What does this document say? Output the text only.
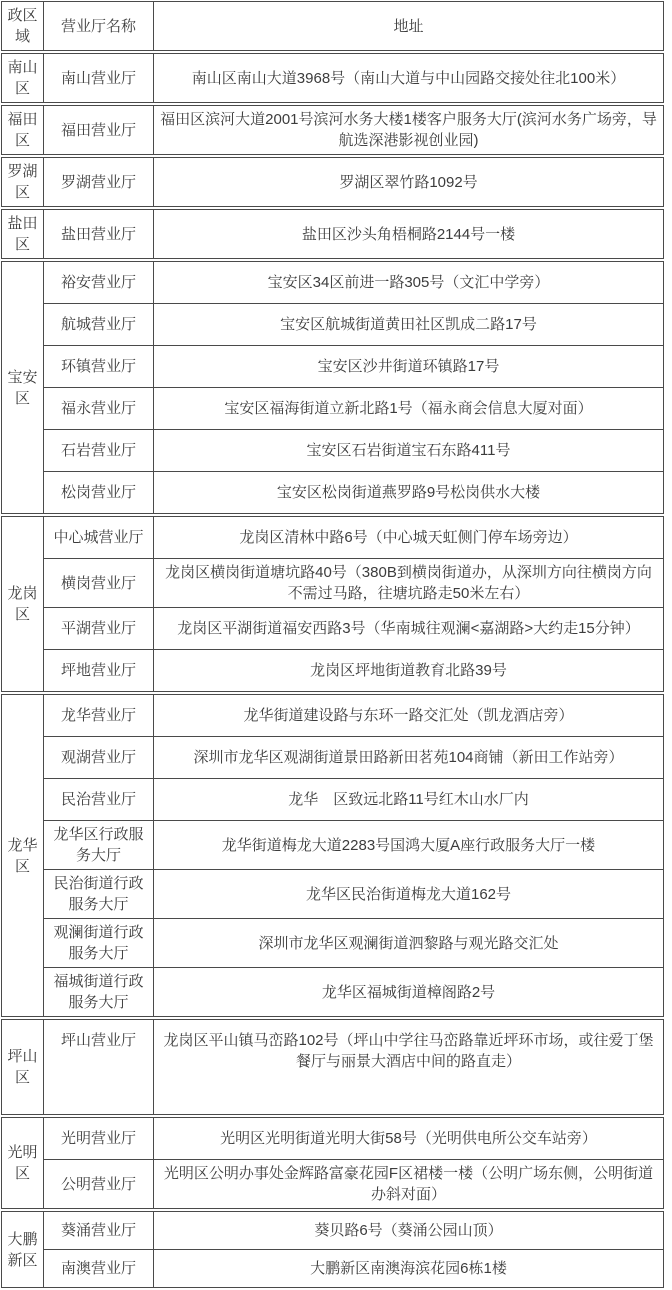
政区域	营业厅名称	地址
南山区	南山营业厅	南山区南山大道3968号（南山大道与中山园路交接处往北100米）
福田区	福田营业厅	福田区滨河大道2001号滨河水务大楼1楼客户服务大厅(滨河水务广场旁，导航选深港影视创业园)
罗湖区	罗湖营业厅	罗湖区翠竹路1092号
盐田区	盐田营业厅	盐田区沙头角梧桐路2144号一楼
宝安区	裕安营业厅	宝安区34区前进一路305号（文汇中学旁）
	航城营业厅	宝安区航城街道黄田社区凯成二路17号
	环镇营业厅	宝安区沙井街道环镇路17号
	福永营业厅	宝安区福海街道立新北路1号（福永商会信息大厦对面）
	石岩营业厅	宝安区石岩街道宝石东路411号
	松岗营业厅	宝安区松岗街道燕罗路9号松岗供水大楼
龙岗区	中心城营业厅	龙岗区清林中路6号（中心城天虹侧门停车场旁边）
	横岗营业厅	龙岗区横岗街道塘坑路40号（380B到横岗街道办，从深圳方向往横岗方向不需过马路，往塘坑路走50米左右）
	平湖营业厅	龙岗区平湖街道福安西路3号（华南城往观澜<嘉湖路>大约走15分钟）
	坪地营业厅	龙岗区坪地街道教育北路39号
龙华区	龙华营业厅	龙华街道建设路与东环一路交汇处（凯龙酒店旁）
	观湖营业厅	深圳市龙华区观湖街道景田路新田茗苑104商铺（新田工作站旁）
	民治营业厅	龙华　区致远北路11号红木山水厂内
	龙华区行政服务大厅	龙华街道梅龙大道2283号国鸿大厦A座行政服务大厅一楼
	民治街道行政服务大厅	龙华区民治街道梅龙大道162号
	观澜街道行政服务大厅	深圳市龙华区观澜街道泗黎路与观光路交汇处
	福城街道行政服务大厅	龙华区福城街道樟阁路2号
坪山区	坪山营业厅	龙岗区平山镇马峦路102号（坪山中学往马峦路靠近坪环市场，或往爱丁堡餐厅与丽景大酒店中间的路直走）
光明区	光明营业厅	光明区光明街道光明大街58号（光明供电所公交车站旁）
	公明营业厅	光明区公明办事处金辉路富豪花园F区裙楼一楼（公明广场东侧，公明街道办斜对面）
大鹏新区	葵涌营业厅	葵贝路6号（葵涌公园山顶）
	南澳营业厅	大鹏新区南澳海滨花园6栋1楼
